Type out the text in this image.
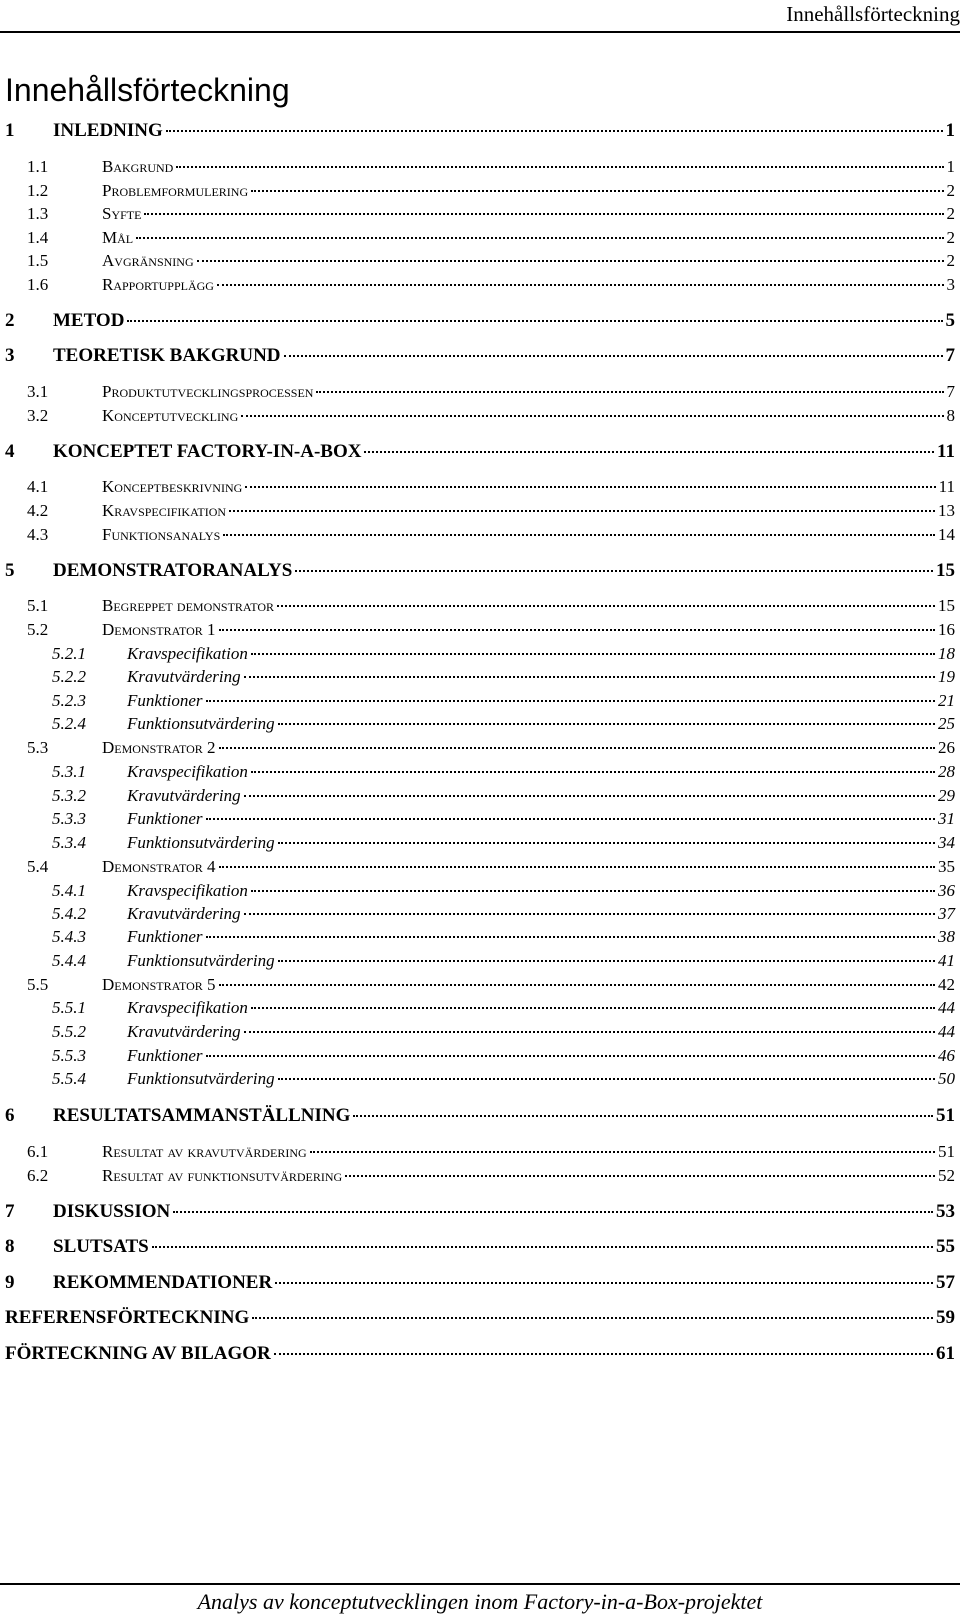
Innehållsförteckning
Innehållsförteckning
1	INLEDNING	1
1.1	Bakgrund	1
1.2	Problemformulering	2
1.3	Syfte	2
1.4	Mål	2
1.5	Avgränsning	2
1.6	Rapportupplägg	3
2	METOD	5
3	TEORETISK BAKGRUND	7
3.1	Produktutvecklingsprocessen	7
3.2	Konceptutveckling	8
4	KONCEPTET FACTORY-IN-A-BOX	11
4.1	Konceptbeskrivning	11
4.2	Kravspecifikation	13
4.3	Funktionsanalys	14
5	DEMONSTRATORANALYS	15
5.1	Begreppet demonstrator	15
5.2	Demonstrator 1	16
5.2.1	Kravspecifikation	18
5.2.2	Kravutvärdering	19
5.2.3	Funktioner	21
5.2.4	Funktionsutvärdering	25
5.3	Demonstrator 2	26
5.3.1	Kravspecifikation	28
5.3.2	Kravutvärdering	29
5.3.3	Funktioner	31
5.3.4	Funktionsutvärdering	34
5.4	Demonstrator 4	35
5.4.1	Kravspecifikation	36
5.4.2	Kravutvärdering	37
5.4.3	Funktioner	38
5.4.4	Funktionsutvärdering	41
5.5	Demonstrator 5	42
5.5.1	Kravspecifikation	44
5.5.2	Kravutvärdering	44
5.5.3	Funktioner	46
5.5.4	Funktionsutvärdering	50
6	RESULTATSAMMANSTÄLLNING	51
6.1	Resultat av kravutvärdering	51
6.2	Resultat av funktionsutvärdering	52
7	DISKUSSION	53
8	SLUTSATS	55
9	REKOMMENDATIONER	57
REFERENSFÖRTECKNING	59
FÖRTECKNING AV BILAGOR	61
Analys av konceptutvecklingen inom Factory-in-a-Box-projektet
